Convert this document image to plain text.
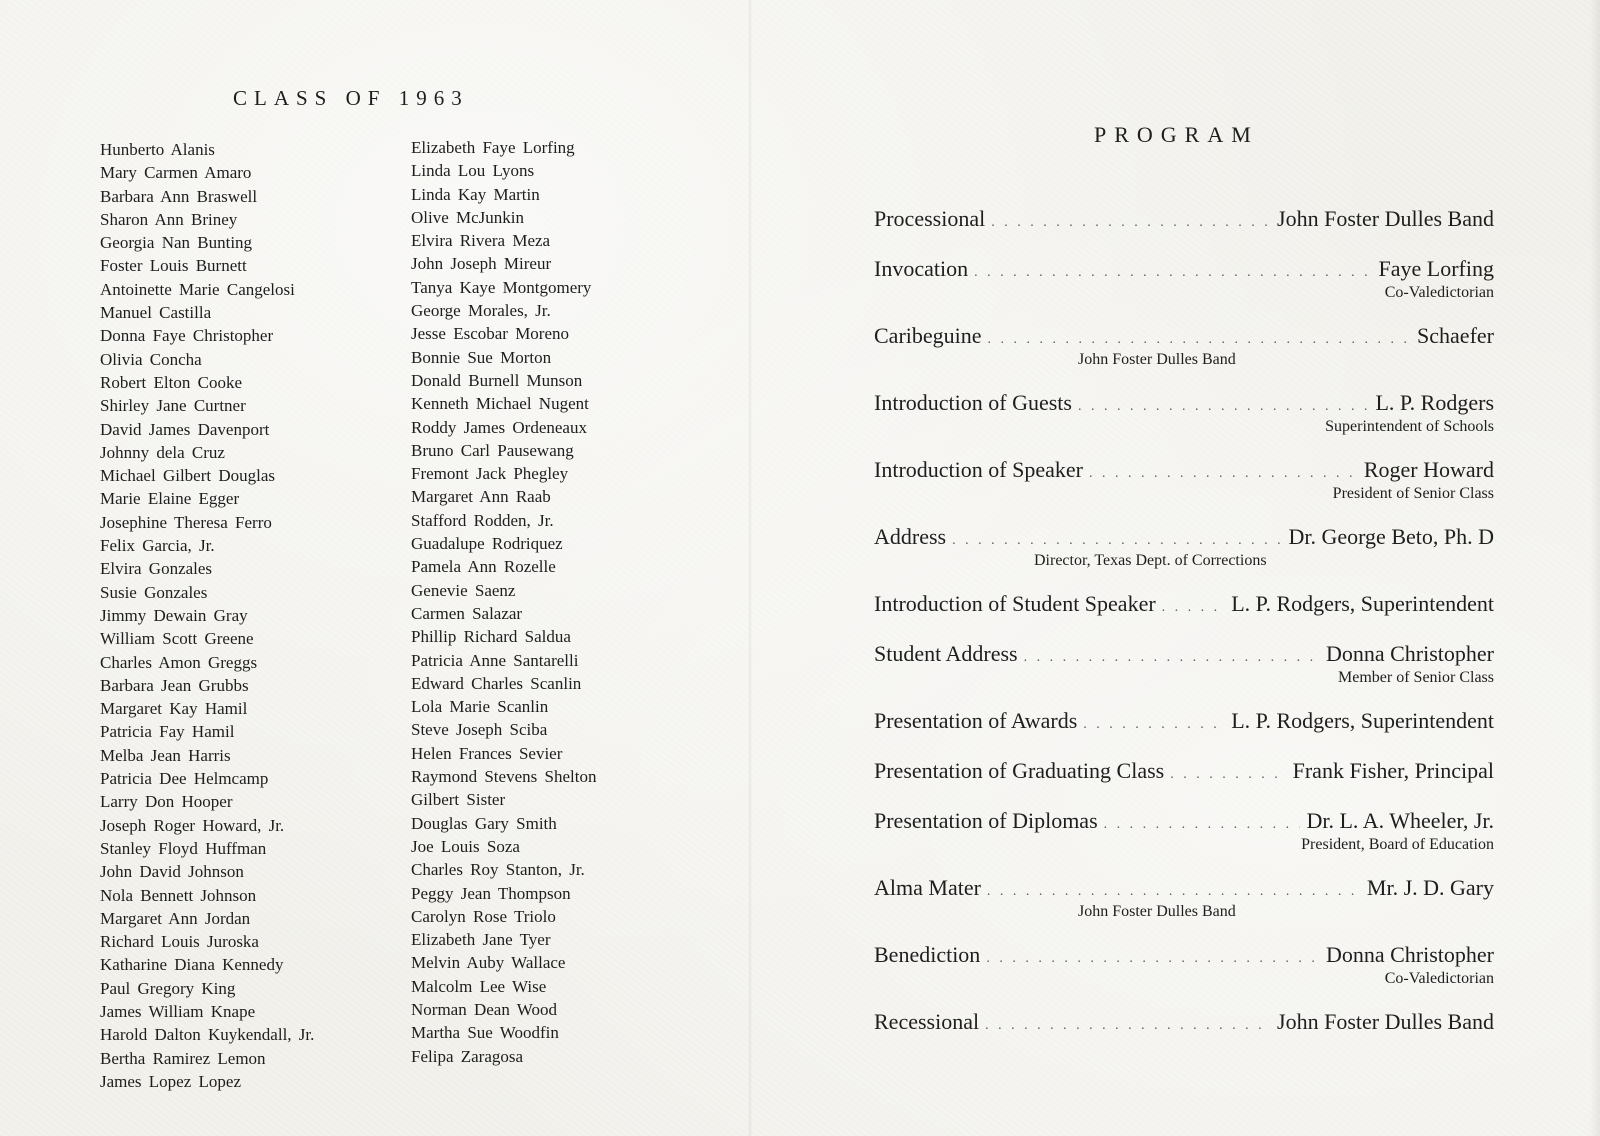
CLASS OF 1963
Hunberto Alanis
Mary Carmen Amaro
Barbara Ann Braswell
Sharon Ann Briney
Georgia Nan Bunting
Foster Louis Burnett
Antoinette Marie Cangelosi
Manuel Castilla
Donna Faye Christopher
Olivia Concha
Robert Elton Cooke
Shirley Jane Curtner
David James Davenport
Johnny dela Cruz
Michael Gilbert Douglas
Marie Elaine Egger
Josephine Theresa Ferro
Felix Garcia, Jr.
Elvira Gonzales
Susie Gonzales
Jimmy Dewain Gray
William Scott Greene
Charles Amon Greggs
Barbara Jean Grubbs
Margaret Kay Hamil
Patricia Fay Hamil
Melba Jean Harris
Patricia Dee Helmcamp
Larry Don Hooper
Joseph Roger Howard, Jr.
Stanley Floyd Huffman
John David Johnson
Nola Bennett Johnson
Margaret Ann Jordan
Richard Louis Juroska
Katharine Diana Kennedy
Paul Gregory King
James William Knape
Harold Dalton Kuykendall, Jr.
Bertha Ramirez Lemon
James Lopez Lopez
Elizabeth Faye Lorfing
Linda Lou Lyons
Linda Kay Martin
Olive McJunkin
Elvira Rivera Meza
John Joseph Mireur
Tanya Kaye Montgomery
George Morales, Jr.
Jesse Escobar Moreno
Bonnie Sue Morton
Donald Burnell Munson
Kenneth Michael Nugent
Roddy James Ordeneaux
Bruno Carl Pausewang
Fremont Jack Phegley
Margaret Ann Raab
Stafford Rodden, Jr.
Guadalupe Rodriquez
Pamela Ann Rozelle
Genevie Saenz
Carmen Salazar
Phillip Richard Saldua
Patricia Anne Santarelli
Edward Charles Scanlin
Lola Marie Scanlin
Steve Joseph Sciba
Helen Frances Sevier
Raymond Stevens Shelton
Gilbert Sister
Douglas Gary Smith
Joe Louis Soza
Charles Roy Stanton, Jr.
Peggy Jean Thompson
Carolyn Rose Triolo
Elizabeth Jane Tyer
Melvin Auby Wallace
Malcolm Lee Wise
Norman Dean Wood
Martha Sue Woodfin
Felipa Zaragosa
PROGRAM
Processional . . .	John Foster Dulles Band
Invocation . . .	Faye Lorfing
Co-Valedictorian
Caribeguine . . .	Schaefer
John Foster Dulles Band
Introduction of Guests . . .	L. P. Rodgers
Superintendent of Schools
Introduction of Speaker . . .	Roger Howard
President of Senior Class
Address . . .	Dr. George Beto, Ph. D
Director, Texas Dept. of Corrections
Introduction of Student Speaker . . .	L. P. Rodgers, Superintendent
Student Address . . .	Donna Christopher
Member of Senior Class
Presentation of Awards . . .	L. P. Rodgers, Superintendent
Presentation of Graduating Class . . .	Frank Fisher, Principal
Presentation of Diplomas . . .	Dr. L. A. Wheeler, Jr.
President, Board of Education
Alma Mater . . .	Mr. J. D. Gary
John Foster Dulles Band
Benediction . . .	Donna Christopher
Co-Valedictorian
Recessional . . .	John Foster Dulles Band
